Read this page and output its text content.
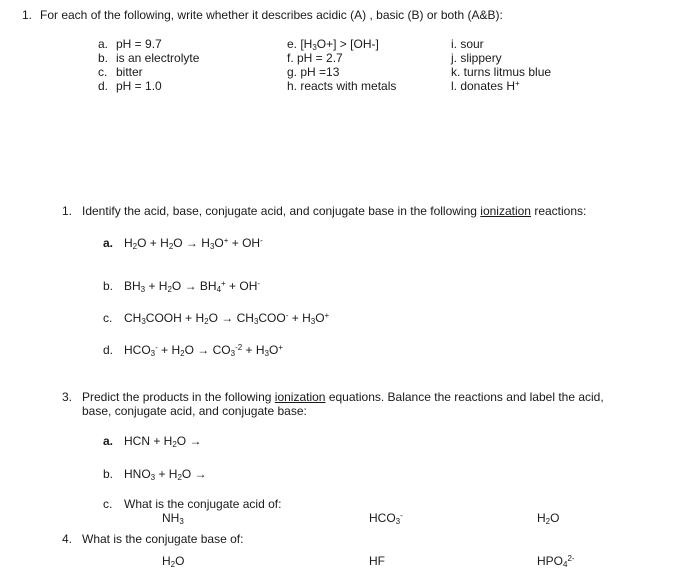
1. For each of the following, write whether it describes acidic (A) , basic (B) or both (A&B):
a. pH = 9.7
b. is an electrolyte
c. bitter
d. pH = 1.0
e. $[H_3O+] > [OH-]$
f. pH = 2.7
g. pH =13
h. reacts with metals
i. sour
j. slippery
k. turns litmus blue
l. donates H+
1. Identify the acid, base, conjugate acid, and conjugate base in the following ionization reactions:
a. $H_2O + H_2O \to H_3O^+ + OH^-$
b. $BH_3 + H_2O \to BH_4^+ + OH^-$
c. $CH_3COOH + H_2O \to CH_3COO^- + H_3O^+$
d. $HCO_3^- + H_2O \to CO_3^{-2} + H_3O^+$
3. Predict the products in the following ionization equations. Balance the reactions and label the acid,
base, conjugate acid, and conjugate base:
a. HCN + $H_2O$ →
b. $HNO_3 + H_2O$ →
c. What is the conjugate acid of:
$NH_3$	$HCO_3^-$	$H_2O$
4. What is the conjugate base of:
$H_2O$	HF	$HPO_4^{2-}$
